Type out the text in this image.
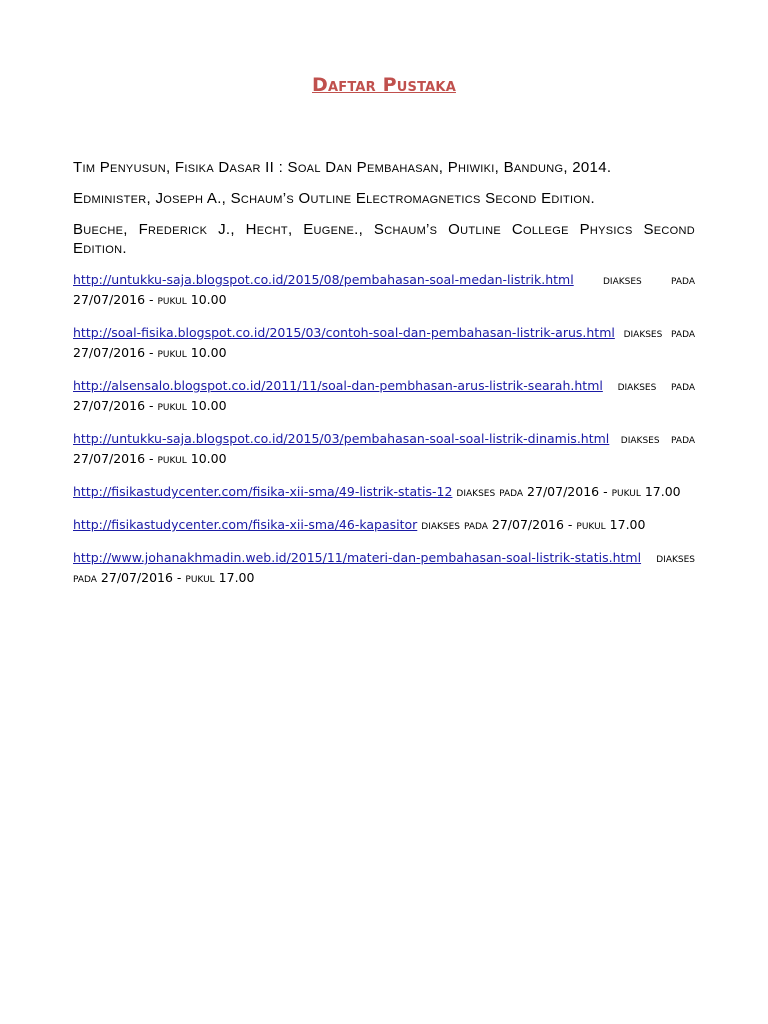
Daftar Pustaka

Tim Penyusun, Fisika Dasar II : Soal Dan Pembahasan, Phiwiki, Bandung, 2014.

Edminister, Joseph A., Schaum’s Outline Electromagnetics Second Edition.

Bueche, Frederick J., Hecht, Eugene., Schaum’s Outline College Physics Second Edition.

http://untukku-saja.blogspot.co.id/2015/08/pembahasan-soal-medan-listrik.html diakses pada 27/07/2016 - pukul 10.00

http://soal-fisika.blogspot.co.id/2015/03/contoh-soal-dan-pembahasan-listrik-arus.html diakses pada 27/07/2016 - pukul 10.00

http://alsensalo.blogspot.co.id/2011/11/soal-dan-pembhasan-arus-listrik-searah.html diakses pada 27/07/2016 - pukul 10.00

http://untukku-saja.blogspot.co.id/2015/03/pembahasan-soal-soal-listrik-dinamis.html diakses pada 27/07/2016 - pukul 10.00

http://fisikastudycenter.com/fisika-xii-sma/49-listrik-statis-12 diakses pada 27/07/2016 - pukul 17.00

http://fisikastudycenter.com/fisika-xii-sma/46-kapasitor diakses pada 27/07/2016 - pukul 17.00

http://www.johanakhmadin.web.id/2015/11/materi-dan-pembahasan-soal-listrik-statis.html diakses pada 27/07/2016 - pukul 17.00
